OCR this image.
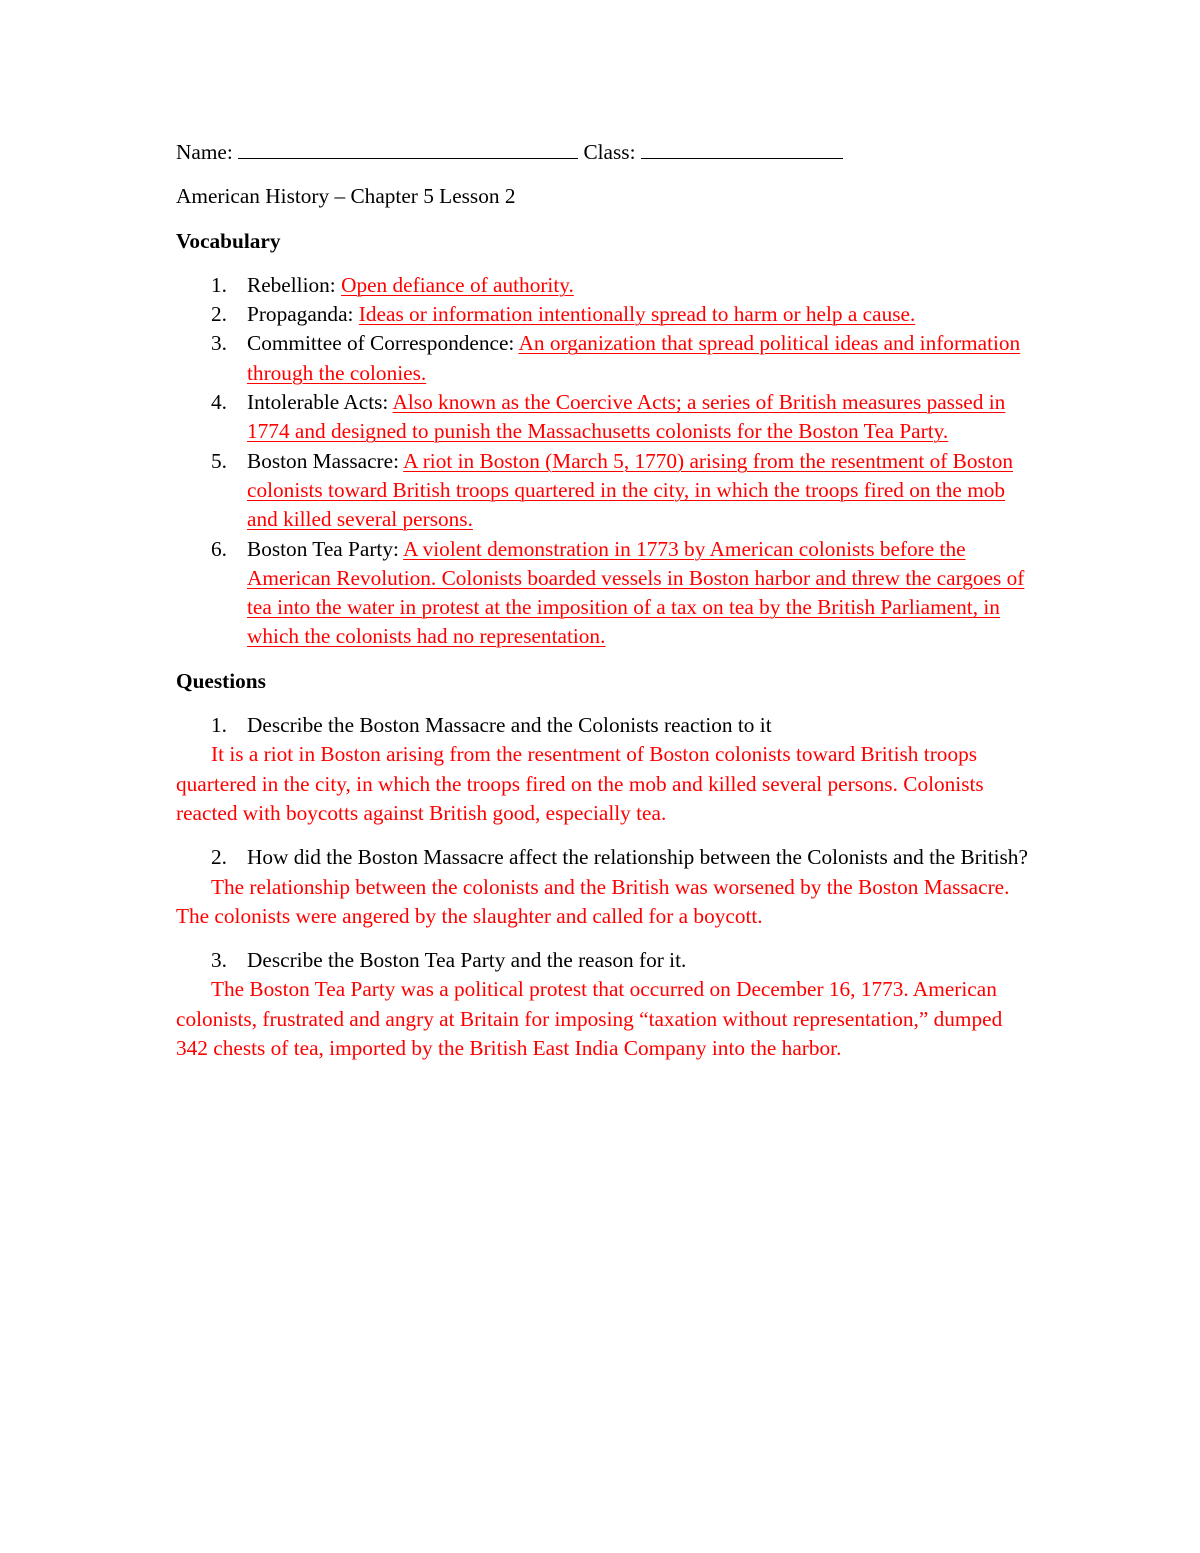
Name:	Class:
American History – Chapter 5 Lesson 2
Vocabulary
1. Rebellion: Open defiance of authority.
2. Propaganda: Ideas or information intentionally spread to harm or help a cause.
3. Committee of Correspondence: An organization that spread political ideas and information through the colonies.
4. Intolerable Acts: Also known as the Coercive Acts; a series of British measures passed in 1774 and designed to punish the Massachusetts colonists for the Boston Tea Party.
5. Boston Massacre: A riot in Boston (March 5, 1770) arising from the resentment of Boston colonists toward British troops quartered in the city, in which the troops fired on the mob and killed several persons.
6. Boston Tea Party: A violent demonstration in 1773 by American colonists before the American Revolution. Colonists boarded vessels in Boston harbor and threw the cargoes of tea into the water in protest at the imposition of a tax on tea by the British Parliament, in which the colonists had no representation.
Questions
1. Describe the Boston Massacre and the Colonists reaction to it
It is a riot in Boston arising from the resentment of Boston colonists toward British troops quartered in the city, in which the troops fired on the mob and killed several persons. Colonists reacted with boycotts against British good, especially tea.
2. How did the Boston Massacre affect the relationship between the Colonists and the British?
The relationship between the colonists and the British was worsened by the Boston Massacre. The colonists were angered by the slaughter and called for a boycott.
3. Describe the Boston Tea Party and the reason for it.
The Boston Tea Party was a political protest that occurred on December 16, 1773. American colonists, frustrated and angry at Britain for imposing “taxation without representation,” dumped 342 chests of tea, imported by the British East India Company into the harbor.
